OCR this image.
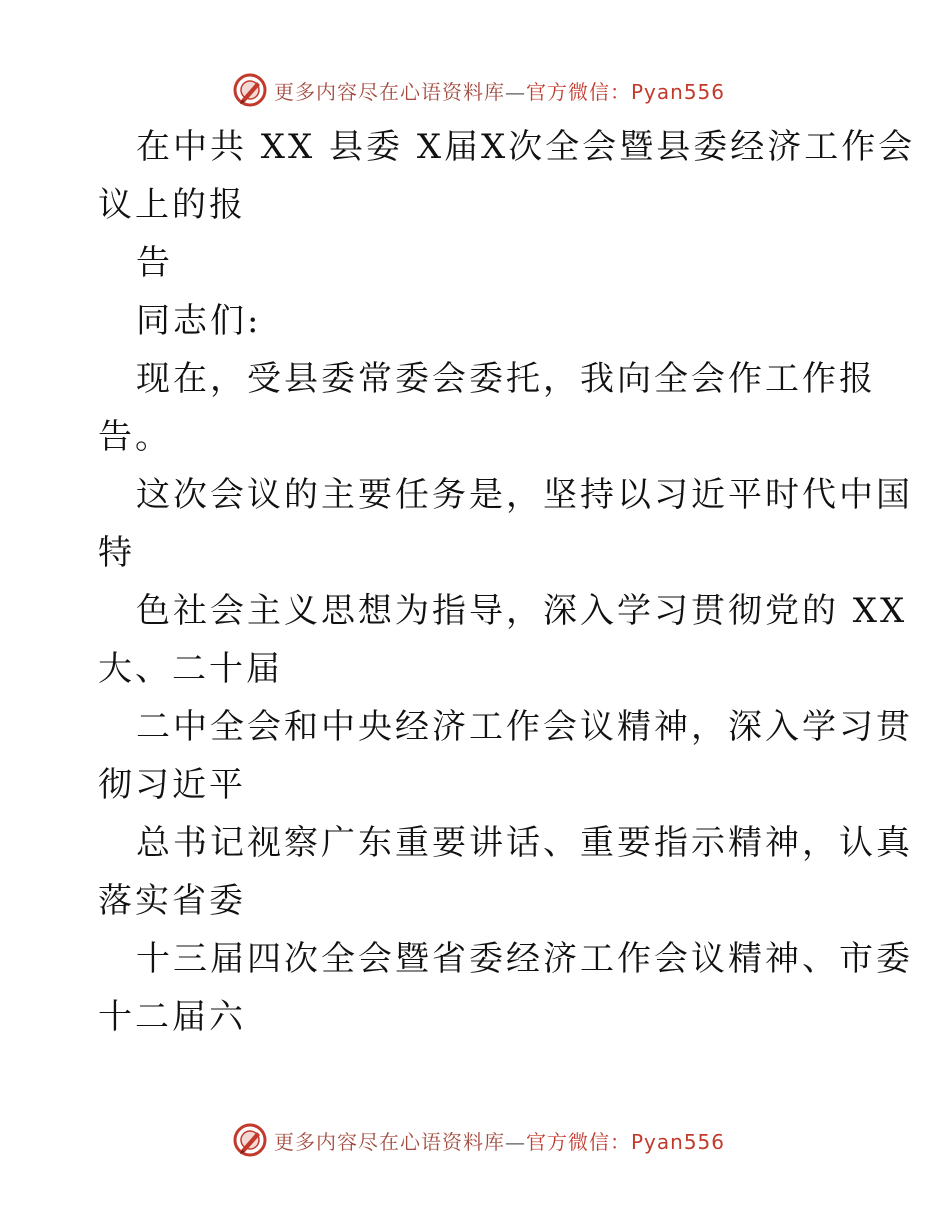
更多内容尽在心语资料库—官方微信：Pyan556
在中共 XX 县委 X届X次全会暨县委经济工作会
议上的报
告
同志们:
现在，受县委常委会委托，我向全会作工作报
告。
这次会议的主要任务是，坚持以习近平时代中国
特
色社会主义思想为指导，深入学习贯彻党的 XX
大、二十届
二中全会和中央经济工作会议精神，深入学习贯
彻习近平
总书记视察广东重要讲话、重要指示精神，认真
落实省委
十三届四次全会暨省委经济工作会议精神、市委
十二届六
更多内容尽在心语资料库—官方微信：Pyan556
